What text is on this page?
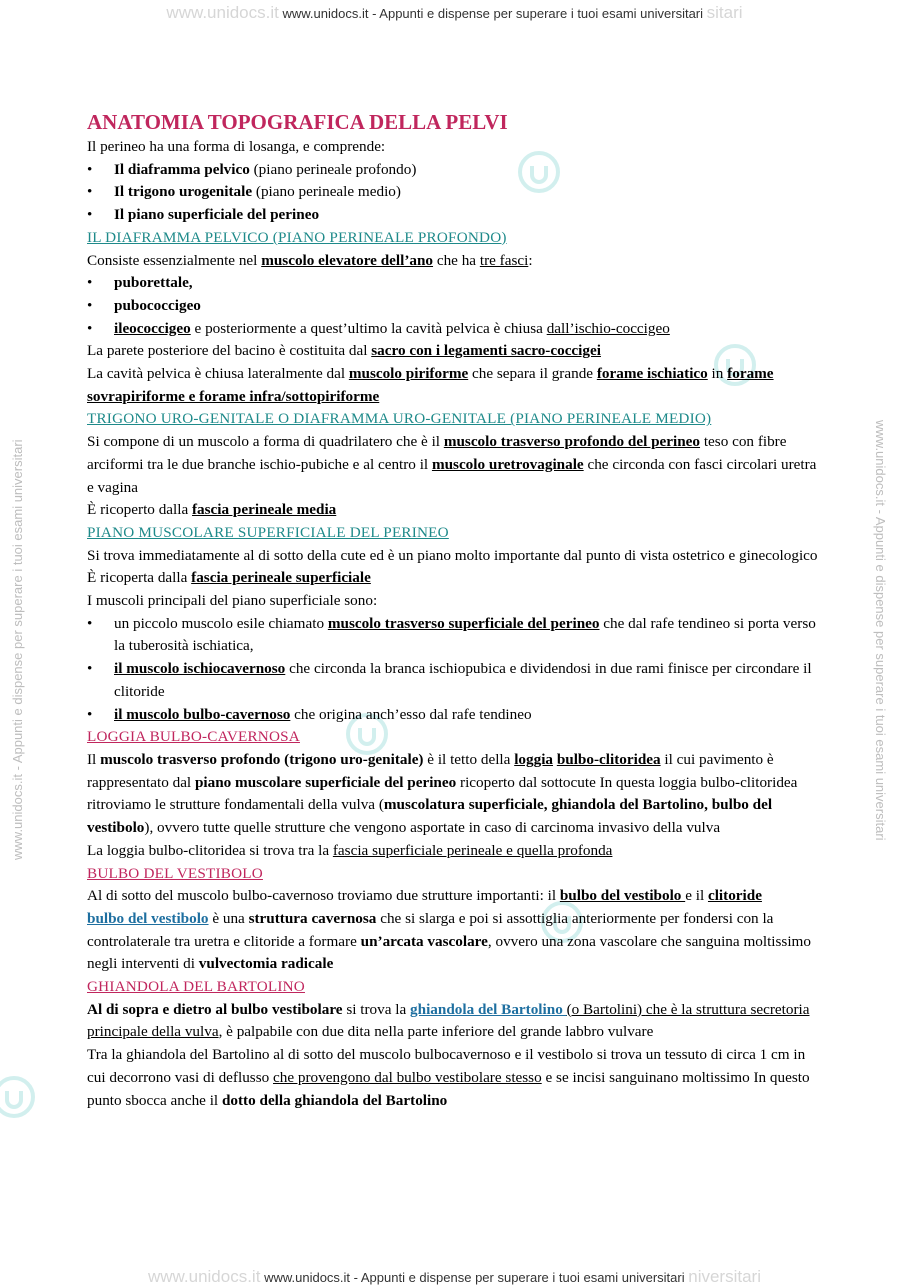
www.unidocs.it www.unidocs.it - Appunti e dispense per superare i tuoi esami universitari sitari
www.unidocs.it www.unidocs.it - Appunti e dispense per superare i tuoi esami universitari niversitari
www.unidocs.it - Appunti e dispense per superare i tuoi esami universitari	www.unidocs.it - Appunti e dispense per superare i tuoi esami universitari

ANATOMIA TOPOGRAFICA DELLA PELVI

Il perineo ha una forma di losanga, e comprende:

• Il diaframma pelvico (piano perineale profondo)
• Il trigono urogenitale (piano perineale medio)
• Il piano superficiale del perineo

IL DIAFRAMMA PELVICO (PIANO PERINEALE PROFONDO)

Consiste essenzialmente nel muscolo elevatore dell’ano che ha tre fasci:

• puborettale,
• pubococcigeo
• ileococcigeo e posteriormente a quest’ultimo la cavità pelvica è chiusa dall’ischio-coccigeo

La parete posteriore del bacino è costituita dal sacro con i legamenti sacro-coccigei

La cavità pelvica è chiusa lateralmente dal muscolo piriforme che separa il grande forame ischiatico in forame sovrapiriforme e forame infra/sottopiriforme

TRIGONO URO-GENITALE O DIAFRAMMA URO-GENITALE (PIANO PERINEALE MEDIO)

Si compone di un muscolo a forma di quadrilatero che è il muscolo trasverso profondo del perineo teso con fibre arciformi tra le due branche ischio-pubiche e al centro il muscolo uretrovaginale che circonda con fasci circolari uretra e vagina

È ricoperto dalla fascia perineale media

PIANO MUSCOLARE SUPERFICIALE DEL PERINEO

Si trova immediatamente al di sotto della cute ed è un piano molto importante dal punto di vista ostetrico e ginecologico

È ricoperta dalla fascia perineale superficiale

I muscoli principali del piano superficiale sono:

• un piccolo muscolo esile chiamato muscolo trasverso superficiale del perineo che dal rafe tendineo si porta verso la tuberosità ischiatica,
• il muscolo ischiocavernoso che circonda la branca ischiopubica e dividendosi in due rami finisce per circondare il clitoride
• il muscolo bulbo-cavernoso che origina anch’esso dal rafe tendineo

LOGGIA BULBO-CAVERNOSA

Il muscolo trasverso profondo (trigono uro-genitale) è il tetto della loggia bulbo-clitoridea il cui pavimento è rappresentato dal piano muscolare superficiale del perineo ricoperto dal sottocute In questa loggia bulbo-clitoridea ritroviamo le strutture fondamentali della vulva (muscolatura superficiale, ghiandola del Bartolino, bulbo del vestibolo), ovvero tutte quelle strutture che vengono asportate in caso di carcinoma invasivo della vulva

La loggia bulbo-clitoridea si trova tra la fascia superficiale perineale e quella profonda

BULBO DEL VESTIBOLO

Al di sotto del muscolo bulbo-cavernoso troviamo due strutture importanti: il bulbo del vestibolo e il clitoride

bulbo del vestibolo è una struttura cavernosa che si slarga e poi si assottiglia anteriormente per fondersi con la controlaterale tra uretra e clitoride a formare un’arcata vascolare, ovvero una zona vascolare che sanguina moltissimo negli interventi di vulvectomia radicale

GHIANDOLA DEL BARTOLINO

Al di sopra e dietro al bulbo vestibolare si trova la ghiandola del Bartolino (o Bartolini) che è la struttura secretoria principale della vulva, è palpabile con due dita nella parte inferiore del grande labbro vulvare

Tra la ghiandola del Bartolino al di sotto del muscolo bulbocavernoso e il vestibolo si trova un tessuto di circa 1 cm in cui decorrono vasi di deflusso che provengono dal bulbo vestibolare stesso e se incisi sanguinano moltissimo In questo punto sbocca anche il dotto della ghiandola del Bartolino
